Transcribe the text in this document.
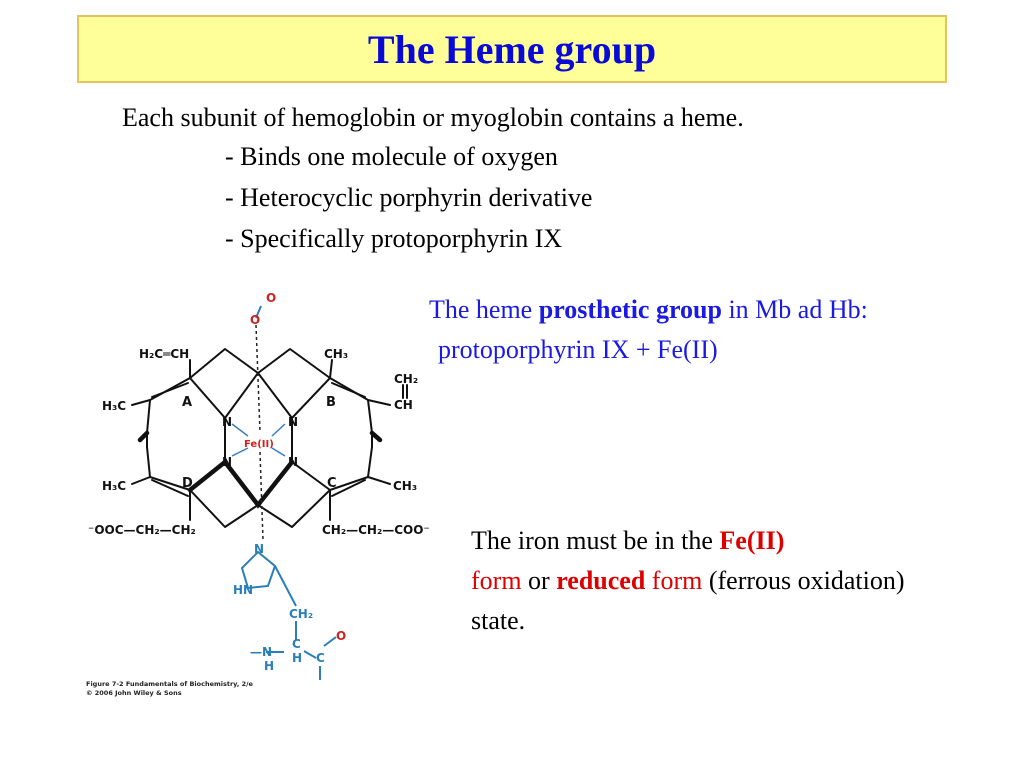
The Heme group
Each subunit of hemoglobin or myoglobin contains a heme.
- Binds one molecule of oxygen
- Heterocyclic porphyrin derivative
- Specifically protoporphyrin IX
The heme prosthetic group in Mb ad Hb:
protoporphyrin IX + Fe(II)
The iron must be in the Fe(II)
form or reduced form (ferrous oxidation) state.
A	B
C
D
N	N
N	N
Fe(II)
H₂C═CH
H₃C
CH₃
CH₂
CH
H₃C	CH₃
⁻OOC—CH₂—CH₂	CH₂—CH₂—COO⁻
O
O
N
HN
CH₂
C
H
—N
H
C
O
Figure 7-2 Fundamentals of Biochemistry, 2/e
© 2006 John Wiley & Sons
